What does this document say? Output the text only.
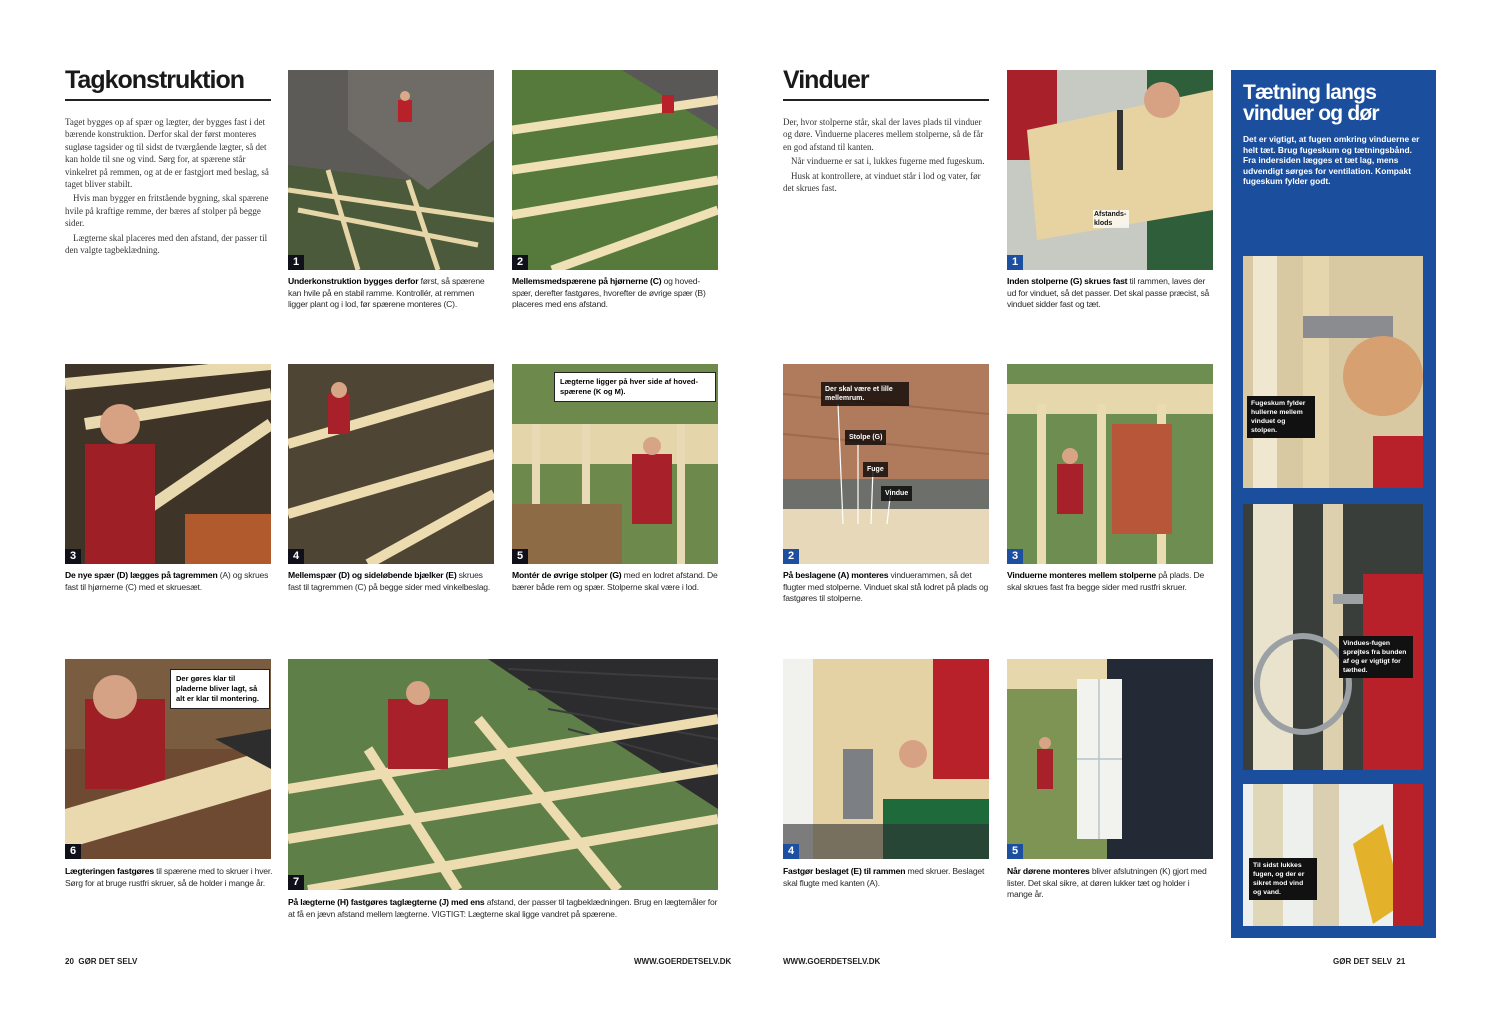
Tagkonstruktion

Taget bygges op af spær og lægter, der bygges fast i det bærende konstruktion. Derfor skal der først monteres sugløse tagsider og til sidst de tværgående lægter, så det kan holde til sne og vind. Sørg for, at spærene står vinkelret på remmen, og at de er fastgjort med beslag, så taget bliver stabilt.

Hvis man bygger en fritstående bygning, skal spærene hvile på kraftige remme, der bæres af stolper på begge sider.

Lægterne skal placeres med den afstand, der passer til den valgte tagbeklædning.

1	2
Underkonstruktion bygges derfor først, så spærene kan hvile på en stabil ramme. Kontrollér, at remmen ligger plant og i lod, før spærene monteres (C).
Mellemsmedspærene på hjørnerne (C) og hoved-spær, derefter fastgøres, hvorefter de øvrige spær (B) placeres med ens afstand.
3	4
Lægterne ligger på hver side af hoved-spærene (K og M).
5
De nye spær (D) lægges på tagremmen (A) og skrues fast til hjørnerne (C) med et skruesæt.
Mellemspær (D) og sideløbende bjælker (E) skrues fast til tagremmen (C) på begge sider med vinkelbeslag.
Montér de øvrige stolper (G) med en lodret afstand. De bærer både rem og spær. Stolperne skal være i lod.
Der gøres klar til pladerne bliver lagt, så alt er klar til montering.
6
7
Lægteringen fastgøres til spærene med to skruer i hver. Sørg for at bruge rustfri skruer, så de holder i mange år.
På lægterne (H) fastgøres taglægterne (J) med ens afstand, der passer til tagbeklædningen. Brug en lægtemåler for at få en jævn afstand mellem lægterne. VIGTIGT: Lægterne skal ligge vandret på spærene.
20 GØR DET SELV	WWW.GOERDETSELV.DK
Vinduer

Der, hvor stolperne står, skal der laves plads til vinduer og døre. Vinduerne placeres mellem stolperne, så de får en god afstand til kanten.

Når vinduerne er sat i, lukkes fugerne med fugeskum.

Husk at kontrollere, at vinduet står i lod og vater, før det skrues fast.

Afstands-klods
1
Inden stolperne (G) skrues fast til rammen, laves der ud for vinduet, så det passer. Det skal passe præcist, så vinduet sidder fast og tæt.
Der skal være et lille mellemrum.
Stolpe (G)
Fuge
Vindue
2	3
På beslagene (A) monteres vinduerammen, så det flugter med stolperne. Vinduet skal stå lodret på plads og fastgøres til stolperne.
Vinduerne monteres mellem stolperne på plads. De skal skrues fast fra begge sider med rustfri skruer.
4	5
Fastgør beslaget (E) til rammen med skruer. Beslaget skal flugte med kanten (A).
Når dørene monteres bliver afslutningen (K) gjort med lister. Det skal sikre, at døren lukker tæt og holder i mange år.
WWW.GOERDETSELV.DK	GØR DET SELV 21
Tætning langs vinduer og dør
Det er vigtigt, at fugen omkring vinduerne er helt tæt. Brug fugeskum og tætningsbånd. Fra indersiden lægges et tæt lag, mens udvendigt sørges for ventilation. Kompakt fugeskum fylder godt.
Fugeskum fylder hullerne mellem vinduet og stolpen.
Vindues-fugen sprøjtes fra bunden af og er vigtigt for tæthed.
Til sidst lukkes fugen, og der er sikret mod vind og vand.
